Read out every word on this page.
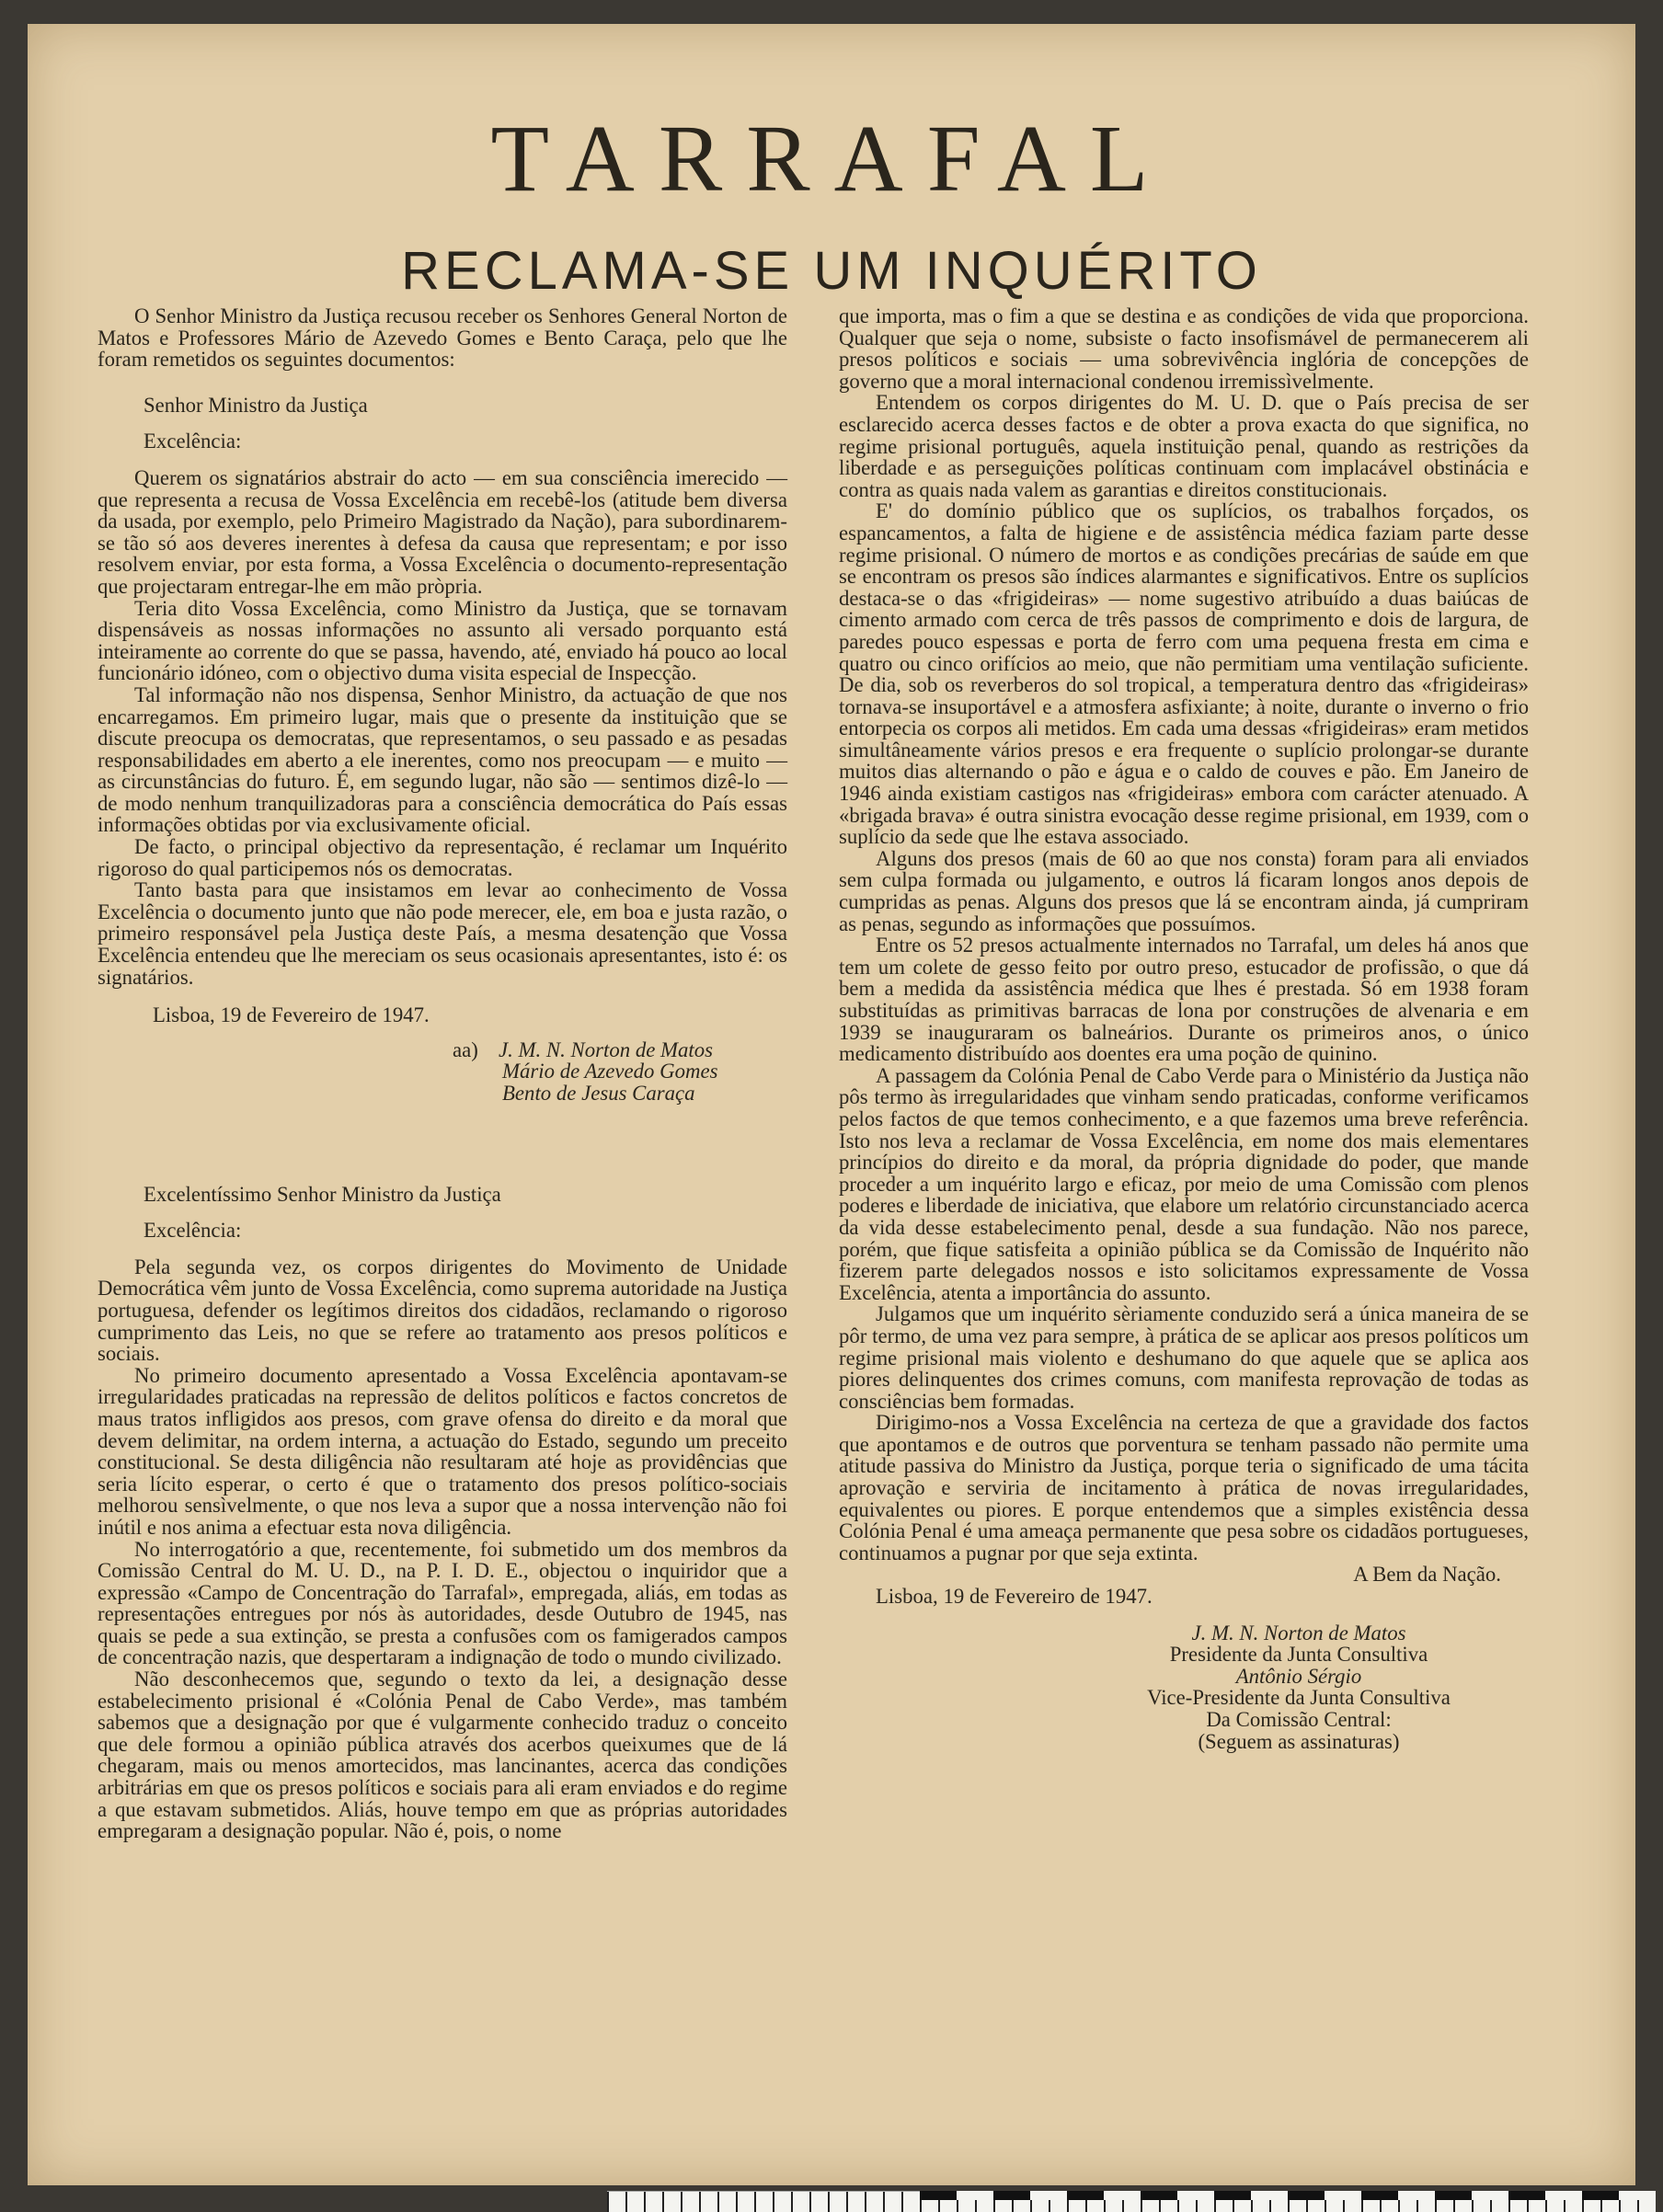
TARRAFAL
RECLAMA-SE UM INQUÉRITO

O Senhor Ministro da Justiça recusou receber os Senhores General Norton de Matos e Professores Mário de Azevedo Gomes e Bento Caraça, pelo que lhe foram remetidos os seguintes documentos:

Senhor Ministro da Justiça

Excelência:

Querem os signatários abstrair do acto — em sua consciência imerecido — que representa a recusa de Vossa Excelência em recebê-los (atitude bem diversa da usada, por exemplo, pelo Primeiro Magistrado da Nação), para subordinarem-se tão só aos deveres inerentes à defesa da causa que representam; e por isso resolvem enviar, por esta forma, a Vossa Excelência o documento-representação que projectaram entregar-lhe em mão pròpria.

Teria dito Vossa Excelência, como Ministro da Justiça, que se tornavam dispensáveis as nossas informações no assunto ali versado porquanto está inteiramente ao corrente do que se passa, havendo, até, enviado há pouco ao local funcionário idóneo, com o objectivo duma visita especial de Inspecção.

Tal informação não nos dispensa, Senhor Ministro, da actuação de que nos encarregamos. Em primeiro lugar, mais que o presente da instituição que se discute preocupa os democratas, que representamos, o seu passado e as pesadas responsabilidades em aberto a ele inerentes, como nos preocupam — e muito — as circunstâncias do futuro. É, em segundo lugar, não são — sentimos dizê-lo — de modo nenhum tranquilizadoras para a consciência democrática do País essas informações obtidas por via exclusivamente oficial.

De facto, o principal objectivo da representação, é reclamar um Inquérito rigoroso do qual participemos nós os democratas.

Tanto basta para que insistamos em levar ao conhecimento de Vossa Excelência o documento junto que não pode merecer, ele, em boa e justa razão, o primeiro responsável pela Justiça deste País, a mesma desatenção que Vossa Excelência entendeu que lhe mereciam os seus ocasionais apresentantes, isto é: os signatários.

Lisboa, 19 de Fevereiro de 1947.

aa) J. M. N. Norton de Matos
Mário de Azevedo Gomes
Bento de Jesus Caraça

Excelentíssimo Senhor Ministro da Justiça

Excelência:

Pela segunda vez, os corpos dirigentes do Movimento de Unidade Democrática vêm junto de Vossa Excelência, como suprema autoridade na Justiça portuguesa, defender os legítimos direitos dos cidadãos, reclamando o rigoroso cumprimento das Leis, no que se refere ao tratamento aos presos políticos e sociais.

No primeiro documento apresentado a Vossa Excelência apontavam-se irregularidades praticadas na repressão de delitos políticos e factos concretos de maus tratos infligidos aos presos, com grave ofensa do direito e da moral que devem delimitar, na ordem interna, a actuação do Estado, segundo um preceito constitucional. Se desta diligência não resultaram até hoje as providências que seria lícito esperar, o certo é que o tratamento dos presos político-sociais melhorou sensìvelmente, o que nos leva a supor que a nossa intervenção não foi inútil e nos anima a efectuar esta nova diligência.

No interrogatório a que, recentemente, foi submetido um dos membros da Comissão Central do M. U. D., na P. I. D. E., objectou o inquiridor que a expressão «Campo de Concentração do Tarrafal», empregada, aliás, em todas as representações entregues por nós às autoridades, desde Outubro de 1945, nas quais se pede a sua extinção, se presta a confusões com os famigerados campos de concentração nazis, que despertaram a indignação de todo o mundo civilizado.

Não desconhecemos que, segundo o texto da lei, a designação desse estabelecimento prisional é «Colónia Penal de Cabo Verde», mas também sabemos que a designação por que é vulgarmente conhecido traduz o conceito que dele formou a opinião pública através dos acerbos queixumes que de lá chegaram, mais ou menos amortecidos, mas lancinantes, acerca das condições arbitrárias em que os presos políticos e sociais para ali eram enviados e do regime a que estavam submetidos. Aliás, houve tempo em que as próprias autoridades empregaram a designação popular. Não é, pois, o nome

que importa, mas o fim a que se destina e as condições de vida que proporciona. Qualquer que seja o nome, subsiste o facto insofismável de permanecerem ali presos políticos e sociais — uma sobrevivência inglória de concepções de governo que a moral internacional condenou irremissìvelmente.

Entendem os corpos dirigentes do M. U. D. que o País precisa de ser esclarecido acerca desses factos e de obter a prova exacta do que significa, no regime prisional português, aquela instituição penal, quando as restrições da liberdade e as perseguições políticas continuam com implacável obstinácia e contra as quais nada valem as garantias e direitos constitucionais.

E' do domínio público que os suplícios, os trabalhos forçados, os espancamentos, a falta de higiene e de assistência médica faziam parte desse regime prisional. O número de mortos e as condições precárias de saúde em que se encontram os presos são índices alarmantes e significativos. Entre os suplícios destaca-se o das «frigideiras» — nome sugestivo atribuído a duas baiúcas de cimento armado com cerca de três passos de comprimento e dois de largura, de paredes pouco espessas e porta de ferro com uma pequena fresta em cima e quatro ou cinco orifícios ao meio, que não permitiam uma ventilação suficiente. De dia, sob os reverberos do sol tropical, a temperatura dentro das «frigideiras» tornava-se insuportável e a atmosfera asfixiante; à noite, durante o inverno o frio entorpecia os corpos ali metidos. Em cada uma dessas «frigideiras» eram metidos simultâneamente vários presos e era frequente o suplício prolongar-se durante muitos dias alternando o pão e água e o caldo de couves e pão. Em Janeiro de 1946 ainda existiam castigos nas «frigideiras» embora com carácter atenuado. A «brigada brava» é outra sinistra evocação desse regime prisional, em 1939, com o suplício da sede que lhe estava associado.

Alguns dos presos (mais de 60 ao que nos consta) foram para ali enviados sem culpa formada ou julgamento, e outros lá ficaram longos anos depois de cumpridas as penas. Alguns dos presos que lá se encontram ainda, já cumpriram as penas, segundo as informações que possuímos.

Entre os 52 presos actualmente internados no Tarrafal, um deles há anos que tem um colete de gesso feito por outro preso, estucador de profissão, o que dá bem a medida da assistência médica que lhes é prestada. Só em 1938 foram substituídas as primitivas barracas de lona por construções de alvenaria e em 1939 se inauguraram os balneários. Durante os primeiros anos, o único medicamento distribuído aos doentes era uma poção de quinino.

A passagem da Colónia Penal de Cabo Verde para o Ministério da Justiça não pôs termo às irregularidades que vinham sendo praticadas, conforme verificamos pelos factos de que temos conhecimento, e a que fazemos uma breve referência. Isto nos leva a reclamar de Vossa Excelência, em nome dos mais elementares princípios do direito e da moral, da própria dignidade do poder, que mande proceder a um inquérito largo e eficaz, por meio de uma Comissão com plenos poderes e liberdade de iniciativa, que elabore um relatório circunstanciado acerca da vida desse estabelecimento penal, desde a sua fundação. Não nos parece, porém, que fique satisfeita a opinião pública se da Comissão de Inquérito não fizerem parte delegados nossos e isto solicitamos expressamente de Vossa Excelência, atenta a importância do assunto.

Julgamos que um inquérito sèriamente conduzido será a única maneira de se pôr termo, de uma vez para sempre, à prática de se aplicar aos presos políticos um regime prisional mais violento e deshumano do que aquele que se aplica aos piores delinquentes dos crimes comuns, com manifesta reprovação de todas as consciências bem formadas.

Dirigimo-nos a Vossa Excelência na certeza de que a gravidade dos factos que apontamos e de outros que porventura se tenham passado não permite uma atitude passiva do Ministro da Justiça, porque teria o significado de uma tácita aprovação e serviria de incitamento à prática de novas irregularidades, equivalentes ou piores. E porque entendemos que a simples existência dessa Colónia Penal é uma ameaça permanente que pesa sobre os cidadãos portugueses, continuamos a pugnar por que seja extinta.

A Bem da Nação.

Lisboa, 19 de Fevereiro de 1947.

J. M. N. Norton de Matos
Presidente da Junta Consultiva
Antônio Sérgio
Vice-Presidente da Junta Consultiva
Da Comissão Central:
(Seguem as assinaturas)
